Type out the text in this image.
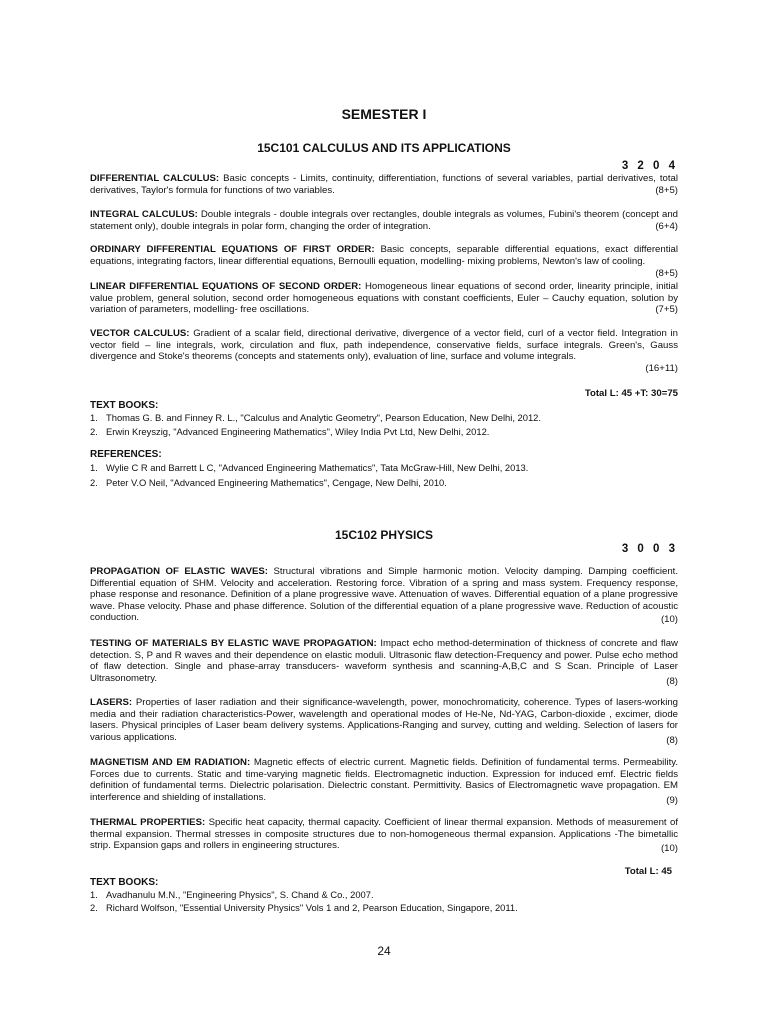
SEMESTER I
15C101 CALCULUS AND ITS APPLICATIONS
3 2 0 4
DIFFERENTIAL CALCULUS: Basic concepts - Limits, continuity, differentiation, functions of several variables, partial derivatives, total derivatives, Taylor's formula for functions of two variables.	(8+5)
INTEGRAL CALCULUS: Double integrals - double integrals over rectangles, double integrals as volumes, Fubini's theorem (concept and statement only), double integrals in polar form, changing the order of integration.	(6+4)
ORDINARY DIFFERENTIAL EQUATIONS OF FIRST ORDER: Basic concepts, separable differential equations, exact differential equations, integrating factors, linear differential equations, Bernoulli equation, modelling- mixing problems, Newton's law of cooling.
(8+5)
LINEAR DIFFERENTIAL EQUATIONS OF SECOND ORDER: Homogeneous linear equations of second order, linearity principle, initial value problem, general solution, second order homogeneous equations with constant coefficients, Euler – Cauchy equation, solution by variation of parameters, modelling- free oscillations.	(7+5)
VECTOR CALCULUS: Gradient of a scalar field, directional derivative, divergence of a vector field, curl of a vector field. Integration in vector field – line integrals, work, circulation and flux, path independence, conservative fields, surface integrals. Green's, Gauss divergence and Stoke's theorems (concepts and statements only), evaluation of line, surface and volume integrals.
(16+11)
Total L: 45 +T: 30=75
TEXT BOOKS:
1. Thomas G. B. and Finney R. L., "Calculus and Analytic Geometry", Pearson Education, New Delhi, 2012.
2. Erwin Kreyszig, "Advanced Engineering Mathematics", Wiley India Pvt Ltd, New Delhi, 2012.
REFERENCES:
1. Wylie C R and Barrett L C, "Advanced Engineering Mathematics", Tata McGraw-Hill, New Delhi, 2013.
2. Peter V.O Neil, "Advanced Engineering Mathematics", Cengage, New Delhi, 2010.
15C102 PHYSICS
3 0 0 3
PROPAGATION OF ELASTIC WAVES: Structural vibrations and Simple harmonic motion. Velocity damping. Damping coefficient. Differential equation of SHM. Velocity and acceleration. Restoring force. Vibration of a spring and mass system. Frequency response, phase response and resonance. Definition of a plane progressive wave. Attenuation of waves. Differential equation of a plane progressive wave. Phase velocity. Phase and phase difference. Solution of the differential equation of a plane progressive wave. Reduction of acoustic conduction.	(10)
TESTING OF MATERIALS BY ELASTIC WAVE PROPAGATION: Impact echo method-determination of thickness of concrete and flaw detection. S, P and R waves and their dependence on elastic moduli. Ultrasonic flaw detection-Frequency and power. Pulse echo method of flaw detection. Single and phase-array transducers- waveform synthesis and scanning-A,B,C and S Scan. Principle of Laser Ultrasonometry.	(8)
LASERS: Properties of laser radiation and their significance-wavelength, power, monochromaticity, coherence. Types of lasers-working media and their radiation characteristics-Power, wavelength and operational modes of He-Ne, Nd-YAG, Carbon-dioxide , excimer, diode lasers. Physical principles of Laser beam delivery systems. Applications-Ranging and survey, cutting and welding. Selection of lasers for various applications.	(8)
MAGNETISM AND EM RADIATION: Magnetic effects of electric current. Magnetic fields. Definition of fundamental terms. Permeability. Forces due to currents. Static and time-varying magnetic fields. Electromagnetic induction. Expression for induced emf. Electric fields definition of fundamental terms. Dielectric polarisation. Dielectric constant. Permittivity. Basics of Electromagnetic wave propagation. EM interference and shielding of installations.	(9)
THERMAL PROPERTIES: Specific heat capacity, thermal capacity. Coefficient of linear thermal expansion. Methods of measurement of thermal expansion. Thermal stresses in composite structures due to non-homogeneous thermal expansion. Applications -The bimetallic strip. Expansion gaps and rollers in engineering structures.	(10)
Total L: 45
TEXT BOOKS:
1. Avadhanulu M.N., "Engineering Physics", S. Chand & Co., 2007.
2. Richard Wolfson, "Essential University Physics" Vols 1 and 2, Pearson Education, Singapore, 2011.
24
